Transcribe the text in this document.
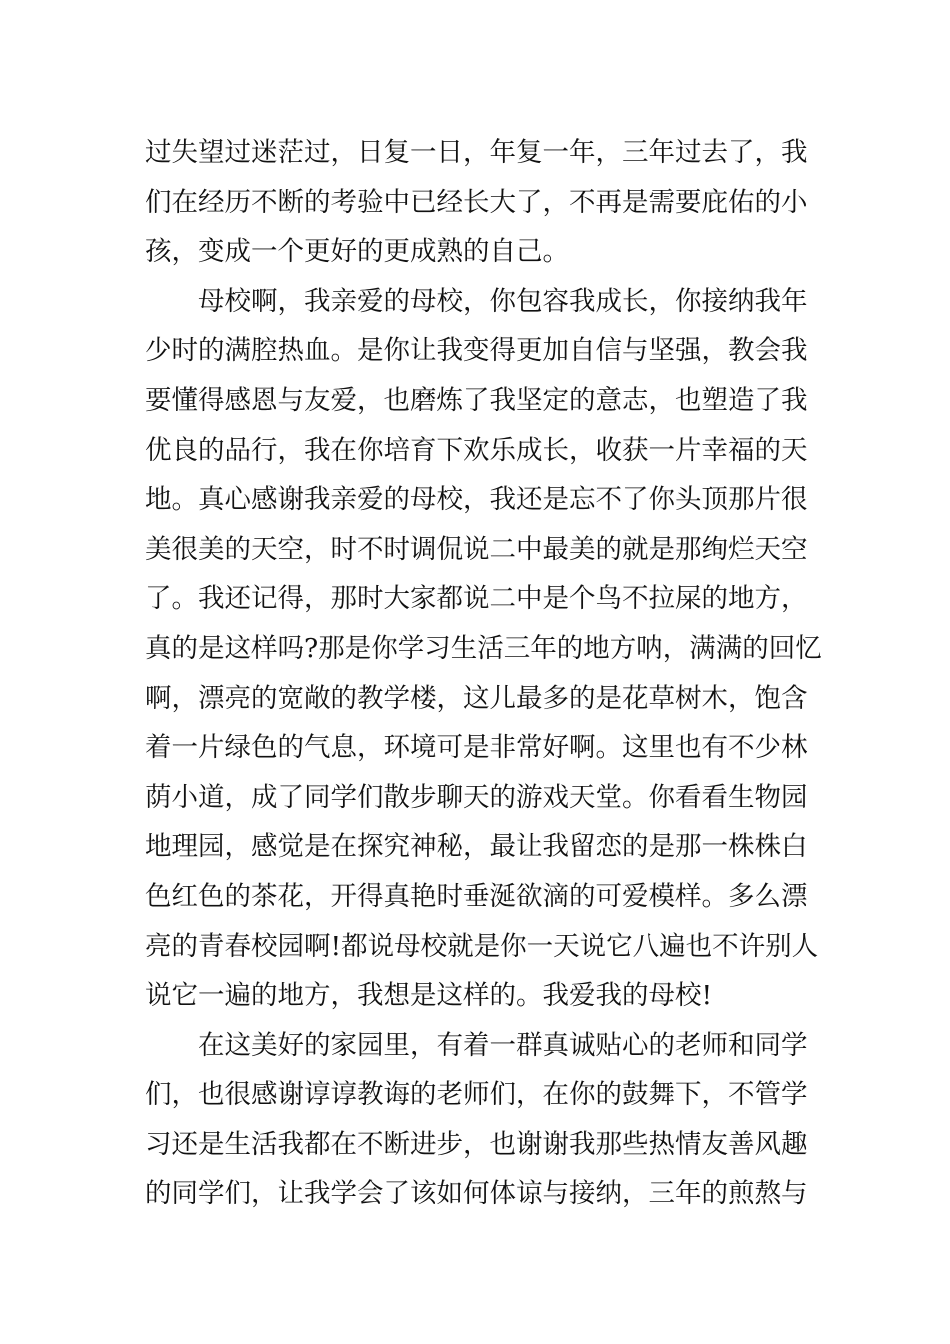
过失望过迷茫过，日复一日，年复一年，三年过去了，我
们在经历不断的考验中已经长大了，不再是需要庇佑的小
孩，变成一个更好的更成熟的自己。
母校啊，我亲爱的母校，你包容我成长，你接纳我年
少时的满腔热血。是你让我变得更加自信与坚强，教会我
要懂得感恩与友爱，也磨炼了我坚定的意志，也塑造了我
优良的品行，我在你培育下欢乐成长，收获一片幸福的天
地。真心感谢我亲爱的母校，我还是忘不了你头顶那片很
美很美的天空，时不时调侃说二中最美的就是那绚烂天空
了。我还记得，那时大家都说二中是个鸟不拉屎的地方，
真的是这样吗?那是你学习生活三年的地方呐，满满的回忆
啊，漂亮的宽敞的教学楼，这儿最多的是花草树木，饱含
着一片绿色的气息，环境可是非常好啊。这里也有不少林
荫小道，成了同学们散步聊天的游戏天堂。你看看生物园
地理园，感觉是在探究神秘，最让我留恋的是那一株株白
色红色的茶花，开得真艳时垂涎欲滴的可爱模样。多么漂
亮的青春校园啊!都说母校就是你一天说它八遍也不许别人
说它一遍的地方，我想是这样的。我爱我的母校!
在这美好的家园里，有着一群真诚贴心的老师和同学
们，也很感谢谆谆教诲的老师们，在你的鼓舞下，不管学
习还是生活我都在不断进步，也谢谢我那些热情友善风趣
的同学们，让我学会了该如何体谅与接纳，三年的煎熬与
